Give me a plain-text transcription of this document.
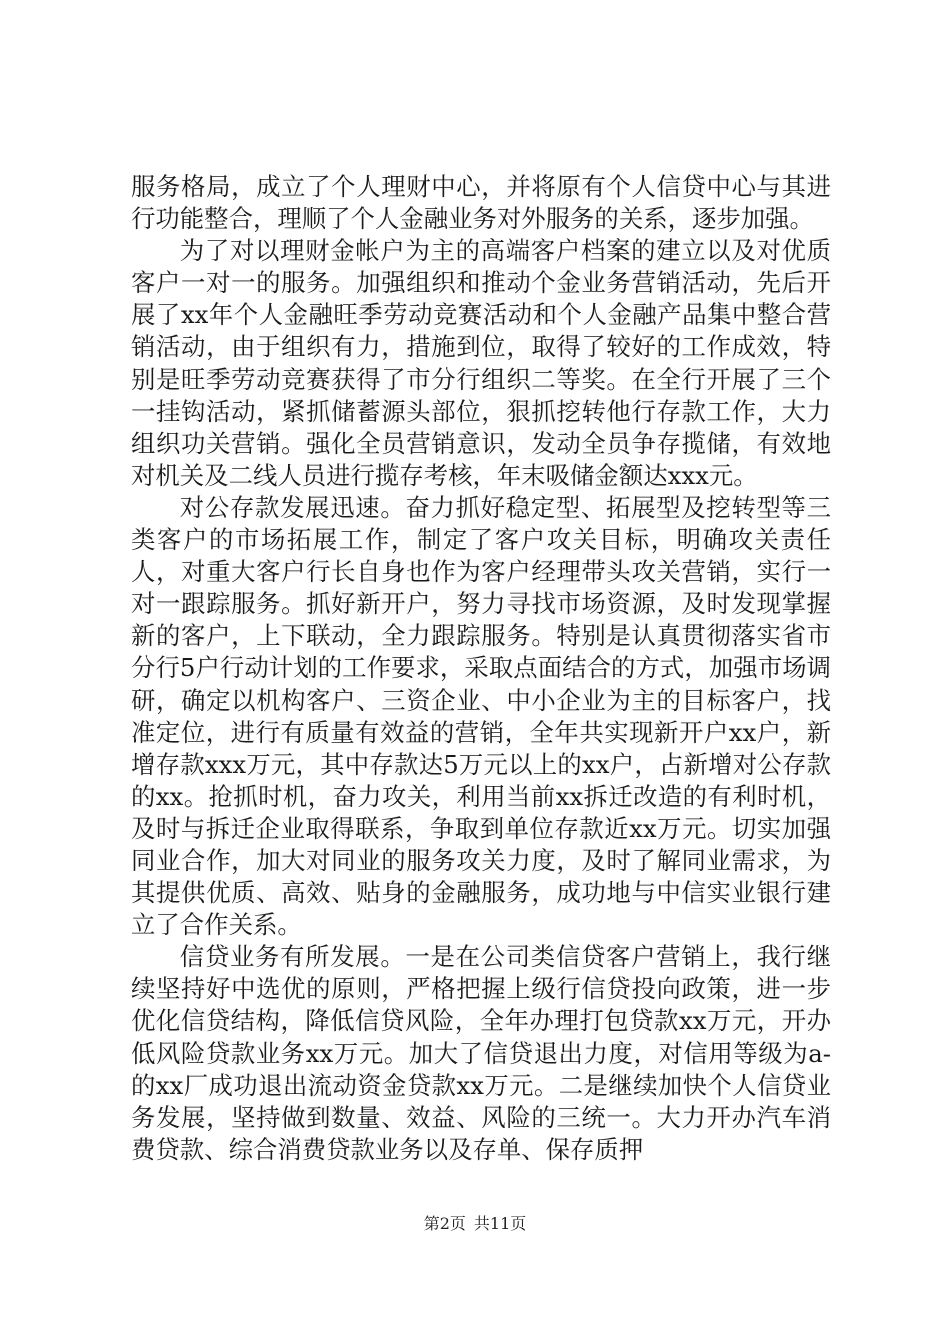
服务格局，成立了个人理财中心，并将原有个人信贷中心与其进行功能整合，理顺了个人金融业务对外服务的关系，逐步加强。

为了对以理财金帐户为主的高端客户档案的建立以及对优质客户一对一的服务。加强组织和推动个金业务营销活动，先后开展了xx年个人金融旺季劳动竞赛活动和个人金融产品集中整合营销活动，由于组织有力，措施到位，取得了较好的工作成效，特别是旺季劳动竞赛获得了市分行组织二等奖。在全行开展了三个一挂钩活动，紧抓储蓄源头部位，狠抓挖转他行存款工作，大力组织功关营销。强化全员营销意识，发动全员争存揽储，有效地对机关及二线人员进行揽存考核，年末吸储金额达xxx元。

对公存款发展迅速。奋力抓好稳定型、拓展型及挖转型等三类客户的市场拓展工作，制定了客户攻关目标，明确攻关责任人，对重大客户行长自身也作为客户经理带头攻关营销，实行一对一跟踪服务。抓好新开户，努力寻找市场资源，及时发现掌握新的客户，上下联动，全力跟踪服务。特别是认真贯彻落实省市分行5户行动计划的工作要求，采取点面结合的方式，加强市场调研，确定以机构客户、三资企业、中小企业为主的目标客户，找准定位，进行有质量有效益的营销，全年共实现新开户xx户，新增存款xxx万元，其中存款达5万元以上的xx户，占新增对公存款的xx。抢抓时机，奋力攻关，利用当前xx拆迁改造的有利时机，及时与拆迁企业取得联系，争取到单位存款近xx万元。切实加强同业合作，加大对同业的服务攻关力度，及时了解同业需求，为其提供优质、高效、贴身的金融服务，成功地与中信实业银行建立了合作关系。

信贷业务有所发展。一是在公司类信贷客户营销上，我行继续坚持好中选优的原则，严格把握上级行信贷投向政策，进一步优化信贷结构，降低信贷风险，全年办理打包贷款xx万元，开办低风险贷款业务xx万元。加大了信贷退出力度，对信用等级为a-的xx厂成功退出流动资金贷款xx万元。二是继续加快个人信贷业务发展，坚持做到数量、效益、风险的三统一。大力开办汽车消费贷款、综合消费贷款业务以及存单、保存质押

第2页 共11页
